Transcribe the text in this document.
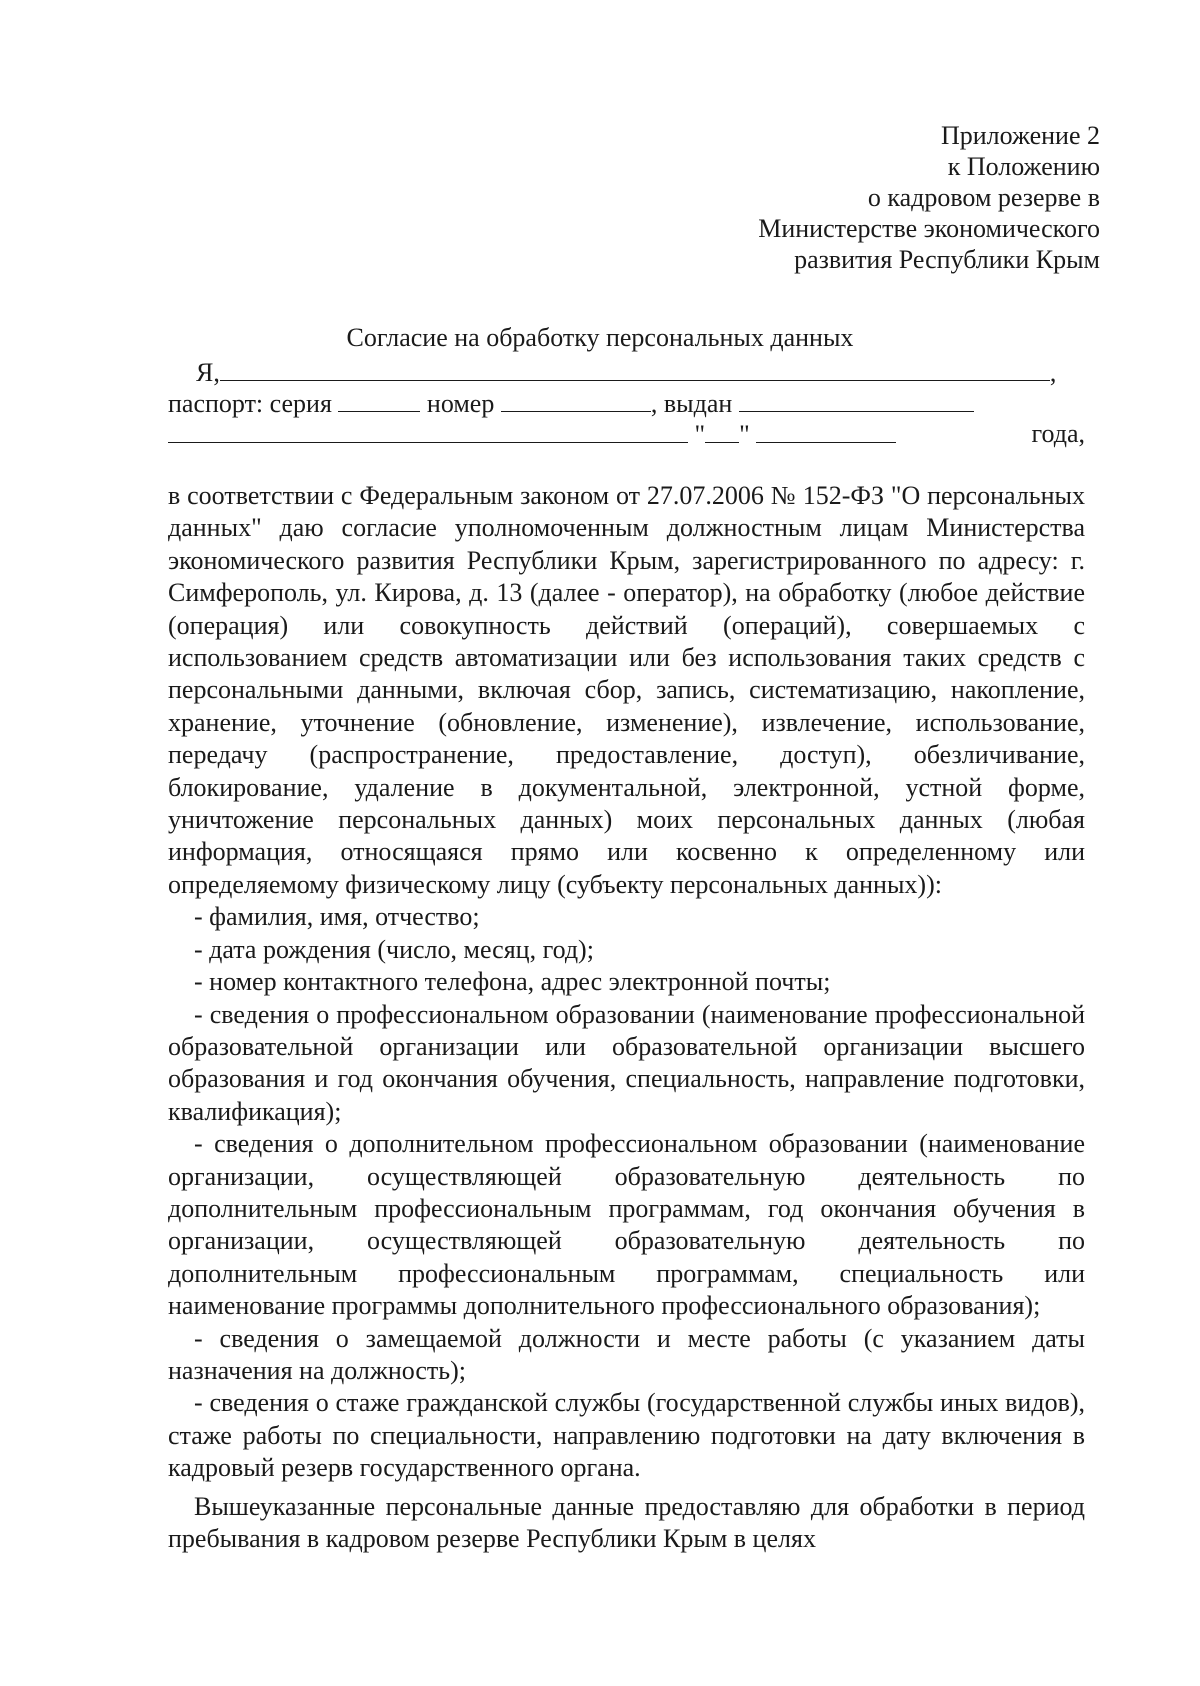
Приложение 2
к Положению
о кадровом резерве в
Министерстве экономического
развития Республики Крым
Согласие на обработку персональных данных
Я,	,
паспорт: серия	номер	, выдан
" "	года,

в соответствии с Федеральным законом от 27.07.2006 № 152-ФЗ "О персональных данных" даю согласие уполномоченным должностным лицам Министерства экономического развития Республики Крым, зарегистрированного по адресу: г. Симферополь, ул. Кирова, д. 13 (далее - оператор), на обработку (любое действие (операция) или совокупность действий (операций), совершаемых с использованием средств автоматизации или без использования таких средств с персональными данными, включая сбор, запись, систематизацию, накопление, хранение, уточнение (обновление, изменение), извлечение, использование, передачу (распространение, предоставление, доступ), обезличивание, блокирование, удаление в документальной, электронной, устной форме, уничтожение персональных данных) моих персональных данных (любая информация, относящаяся прямо или косвенно к определенному или определяемому физическому лицу (субъекту персональных данных)):

- фамилия, имя, отчество;

- дата рождения (число, месяц, год);

- номер контактного телефона, адрес электронной почты;

- сведения о профессиональном образовании (наименование профессиональной образовательной организации или образовательной организации высшего образования и год окончания обучения, специальность, направление подготовки, квалификация);

- сведения о дополнительном профессиональном образовании (наименование организации, осуществляющей образовательную деятельность по дополнительным профессиональным программам, год окончания обучения в организации, осуществляющей образовательную деятельность по дополнительным профессиональным программам, специальность или наименование программы дополнительного профессионального образования);

- сведения о замещаемой должности и месте работы (с указанием даты назначения на должность);

- сведения о стаже гражданской службы (государственной службы иных видов), стаже работы по специальности, направлению подготовки на дату включения в кадровый резерв государственного органа.

Вышеуказанные персональные данные предоставляю для обработки в период пребывания в кадровом резерве Республики Крым в целях
